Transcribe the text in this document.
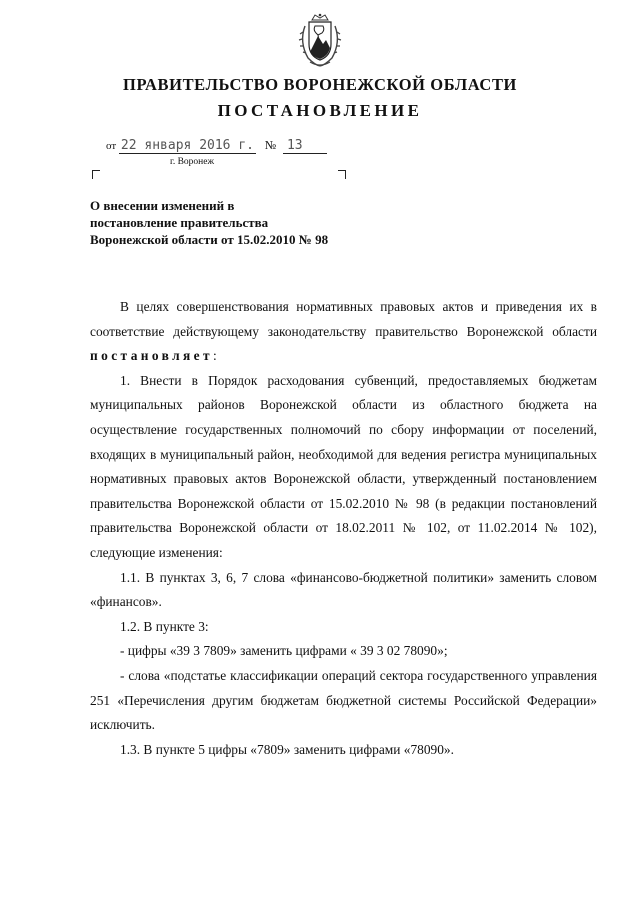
ПРАВИТЕЛЬСТВО ВОРОНЕЖСКОЙ ОБЛАСТИ
ПОСТАНОВЛЕНИЕ
от 22 января 2016 г. № 13
г. Воронеж
О внесении изменений в
постановление правительства
Воронежской области от 15.02.2010 № 98

В целях совершенствования нормативных правовых актов и приведения их в соответствие действующему законодательству правительство Воронежской области постановляет:

1. Внести в Порядок расходования субвенций, предоставляемых бюджетам муниципальных районов Воронежской области из областного бюджета на осуществление государственных полномочий по сбору информации от поселений, входящих в муниципальный район, необходимой для ведения регистра муниципальных нормативных правовых актов Воронежской области, утвержденный постановлением правительства Воронежской области от 15.02.2010 № 98 (в редакции постановлений правительства Воронежской области от 18.02.2011 № 102, от 11.02.2014 № 102), следующие изменения:

1.1. В пунктах 3, 6, 7 слова «финансово-бюджетной политики» заменить словом «финансов».

1.2. В пункте 3:

- цифры «39 3 7809» заменить цифрами « 39 3 02 78090»;

- слова «подстатье классификации операций сектора государственного управления 251 «Перечисления другим бюджетам бюджетной системы Российской Федерации» исключить.

1.3. В пункте 5 цифры «7809» заменить цифрами «78090».
